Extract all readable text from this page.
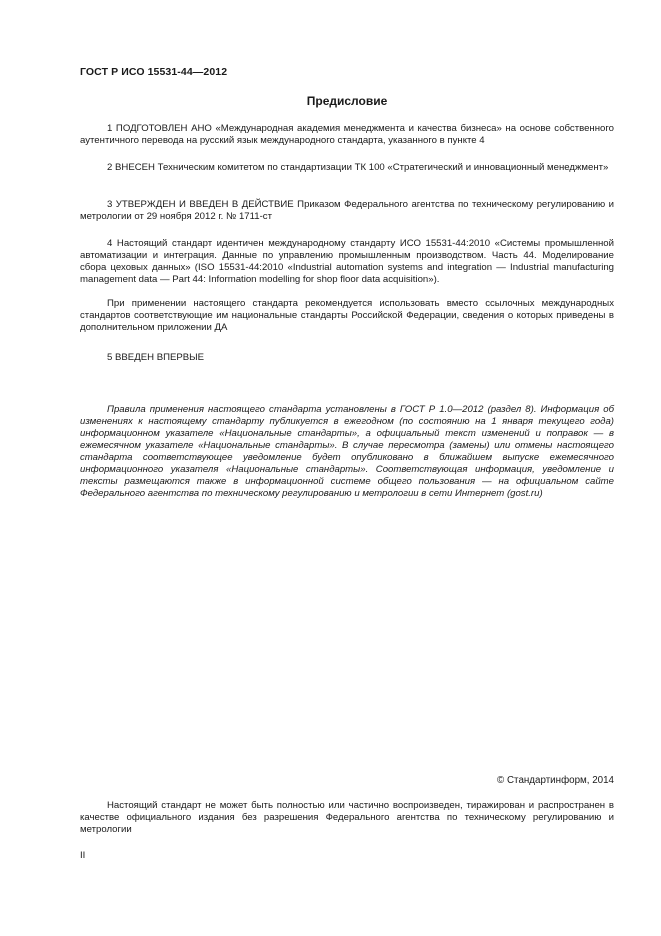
ГОСТ Р ИСО 15531-44—2012
Предисловие

1 ПОДГОТОВЛЕН АНО «Международная академия менеджмента и качества бизнеса» на основе собственного аутентичного перевода на русский язык международного стандарта, указанного в пункте 4

2 ВНЕСЕН Техническим комитетом по стандартизации ТК 100 «Стратегический и инновационный менеджмент»

3 УТВЕРЖДЕН И ВВЕДЕН В ДЕЙСТВИЕ Приказом Федерального агентства по техническому регулированию и метрологии от 29 ноября 2012 г. № 1711-ст

4 Настоящий стандарт идентичен международному стандарту ИСО 15531-44:2010 «Системы промышленной автоматизации и интеграция. Данные по управлению промышленным производством. Часть 44. Моделирование сбора цеховых данных» (ISO 15531-44:2010 «Industrial automation systems and integration — Industrial manufacturing management data — Part 44: Information modelling for shop floor data acquisition»).

При применении настоящего стандарта рекомендуется использовать вместо ссылочных международных стандартов соответствующие им национальные стандарты Российской Федерации, сведения о которых приведены в дополнительном приложении ДА

5 ВВЕДЕН ВПЕРВЫЕ

Правила применения настоящего стандарта установлены в ГОСТ Р 1.0—2012 (раздел 8). Информация об изменениях к настоящему стандарту публикуется в ежегодном (по состоянию на 1 января текущего года) информационном указателе «Национальные стандарты», а официальный текст изменений и поправок — в ежемесячном указателе «Национальные стандарты». В случае пересмотра (замены) или отмены настоящего стандарта соответствующее уведомление будет опубликовано в ближайшем выпуске ежемесячного информационного указателя «Национальные стандарты». Соответствующая информация, уведомление и тексты размещаются также в информационной системе общего пользования — на официальном сайте Федерального агентства по техническому регулированию и метрологии в сети Интернет (gost.ru)

© Стандартинформ, 2014

Настоящий стандарт не может быть полностью или частично воспроизведен, тиражирован и распространен в качестве официального издания без разрешения Федерального агентства по техническому регулированию и метрологии

II
